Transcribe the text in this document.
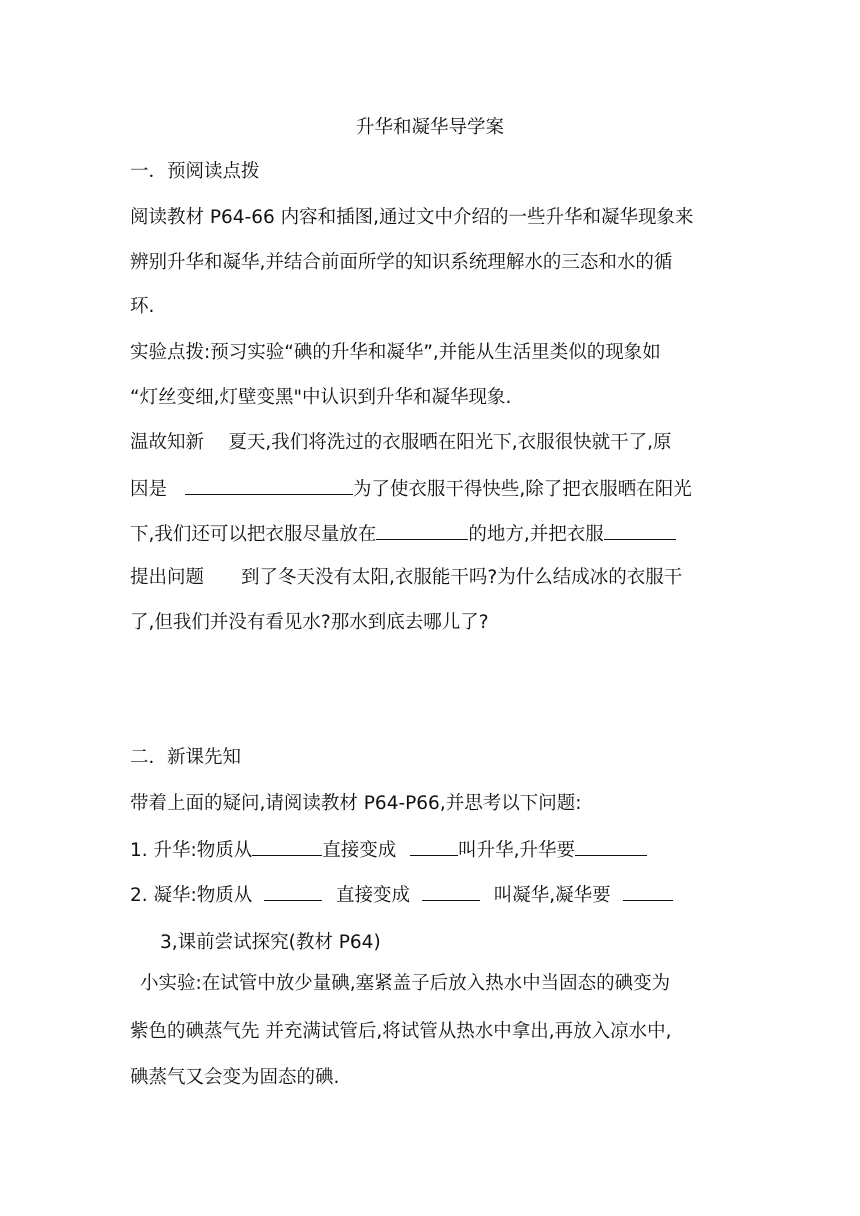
升华和凝华导学案
一．预阅读点拨
阅读教材 P64-66 内容和插图,通过文中介绍的一些升华和凝华现象来
辨别升华和凝华,并结合前面所学的知识系统理解水的三态和水的循
环.
实验点拨:预习实验“碘的升华和凝华”,并能从生活里类似的现象如
“灯丝变细,灯壁变黑"中认识到升华和凝华现象.
温故知新　 夏天,我们将洗过的衣服晒在阳光下,衣服很快就干了,原
因是	为了使衣服干得快些,除了把衣服晒在阳光
下,我们还可以把衣服尽量放在	的地方,并把衣服
提出问题　　到了冬天没有太阳,衣服能干吗?为什么结成冰的衣服干
了,但我们并没有看见水?那水到底去哪儿了?
二．新课先知
带着上面的疑问,请阅读教材 P64-P66,并思考以下问题:
1. 升华:物质从	直接变成	叫升华,升华要
2. 凝华:物质从	直接变成	叫凝华,凝华要
3,课前尝试探究(教材 P64)
小实验:在试管中放少量碘,塞紧盖子后放入热水中当固态的碘变为
紫色的碘蒸气先 并充满试管后,将试管从热水中拿出,再放入凉水中,
碘蒸气又会变为固态的碘.
